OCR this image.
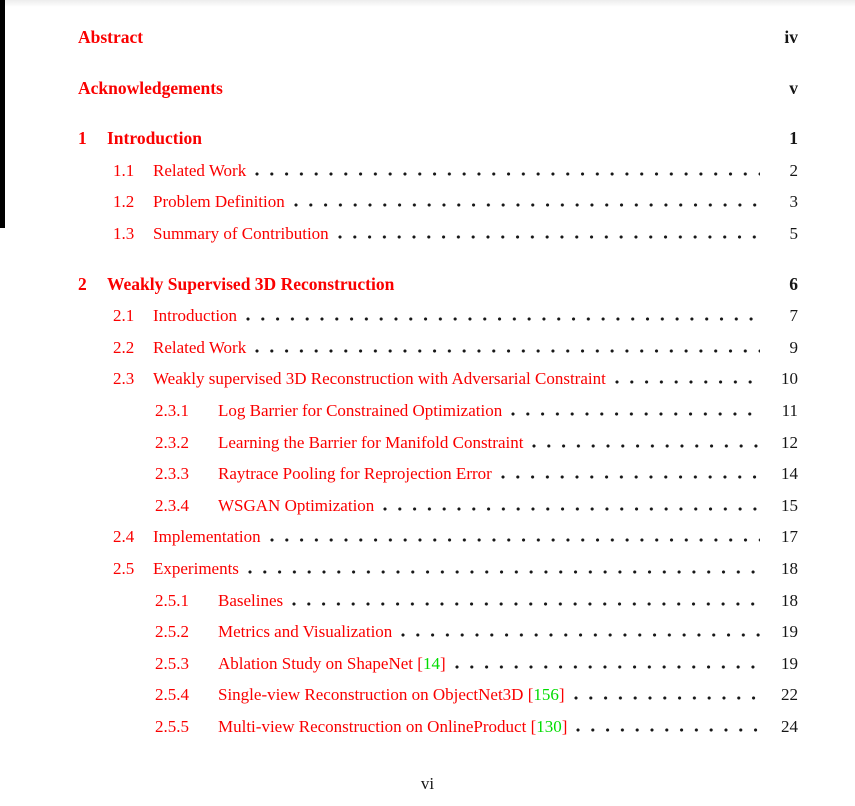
Abstract	iv
Acknowledgements	v
1	Introduction	1
1.1	Related Work	2
1.2	Problem Definition	3
1.3	Summary of Contribution	5
2	Weakly Supervised 3D Reconstruction	6
2.1	Introduction	7
2.2	Related Work	9
2.3	Weakly supervised 3D Reconstruction with Adversarial Constraint	10
2.3.1	Log Barrier for Constrained Optimization	11
2.3.2	Learning the Barrier for Manifold Constraint	12
2.3.3	Raytrace Pooling for Reprojection Error	14
2.3.4	WSGAN Optimization	15
2.4	Implementation	17
2.5	Experiments	18
2.5.1	Baselines	18
2.5.2	Metrics and Visualization	19
2.5.3	Ablation Study on ShapeNet [14]	19
2.5.4	Single-view Reconstruction on ObjectNet3D [156]	22
2.5.5	Multi-view Reconstruction on OnlineProduct [130]	24
vi
